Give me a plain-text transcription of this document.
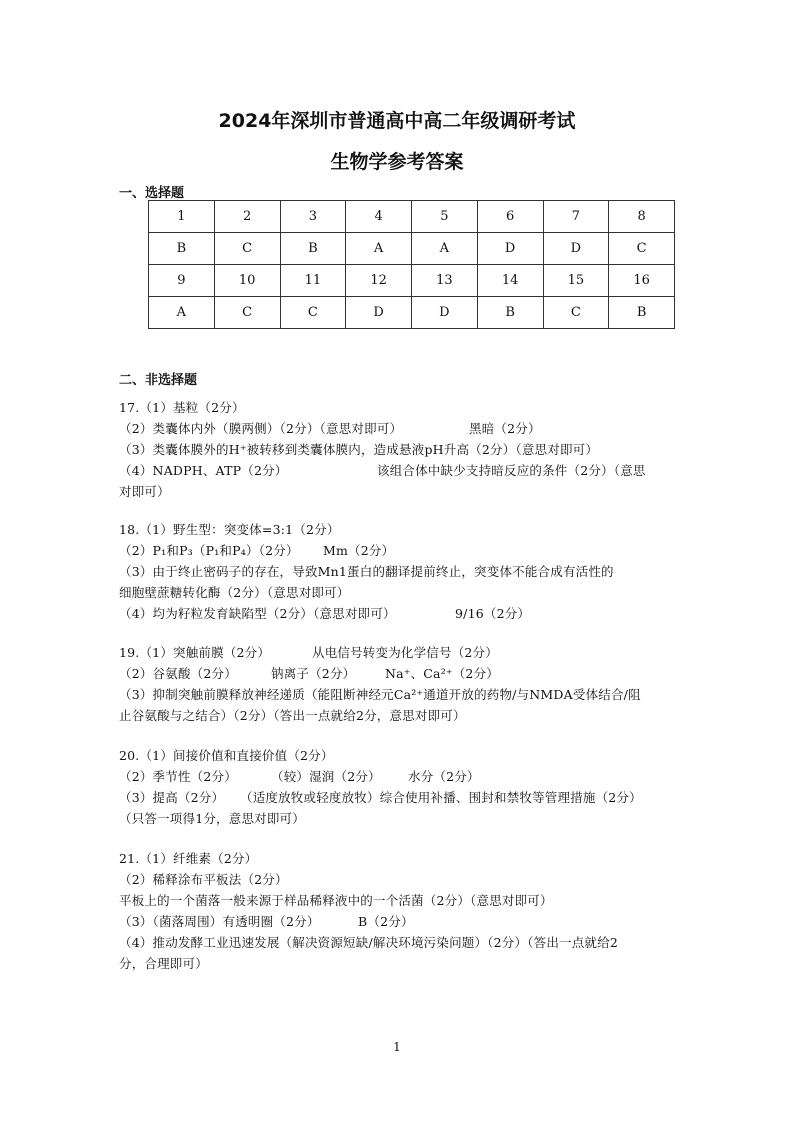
2024年深圳市普通高中高二年级调研考试
生物学参考答案
一、选择题
1	2	3	4	5	6	7	8
B	C	B	A	A	D	D	C
9	10	11	12	13	14	15	16
A	C	C	D	D	B	C	B
二、非选择题
17.（1）基粒（2分）
（2）类囊体内外（膜两侧）（2分）（意思对即可）	黑暗（2分）
（3）类囊体膜外的H⁺被转移到类囊体膜内，造成悬液pH升高（2分）（意思对即可）
（4）NADPH、ATP（2分）	该组合体中缺少支持暗反应的条件（2分）（意思
对即可）
18.（1）野生型：突变体=3:1（2分）
（2）P₁和P₃（P₁和P₄）（2分） Mm（2分）
（3）由于终止密码子的存在，导致Mn1蛋白的翻译提前终止，突变体不能合成有活性的
细胞壁蔗糖转化酶（2分）（意思对即可）
（4）均为籽粒发育缺陷型（2分）（意思对即可）	9/16（2分）
19.（1）突触前膜（2分）	从电信号转变为化学信号（2分）
（2）谷氨酸（2分）	钠离子（2分） Na⁺、Ca²⁺（2分）
（3）抑制突触前膜释放神经递质（能阻断神经元Ca²⁺通道开放的药物/与NMDA受体结合/阻
止谷氨酸与之结合）（2分）（答出一点就给2分，意思对即可）
20.（1）间接价值和直接价值（2分）
（2）季节性（2分）	（较）湿润（2分） 水分（2分）
（3）提高（2分） （适度放牧或轻度放牧）综合使用补播、围封和禁牧等管理措施（2分）
（只答一项得1分，意思对即可）
21.（1）纤维素（2分）
（2）稀释涂布平板法（2分）
平板上的一个菌落一般来源于样品稀释液中的一个活菌（2分）（意思对即可）
（3）（菌落周围）有透明圈（2分）	B（2分）
（4）推动发酵工业迅速发展（解决资源短缺/解决环境污染问题）（2分）（答出一点就给2
分，合理即可）
1
